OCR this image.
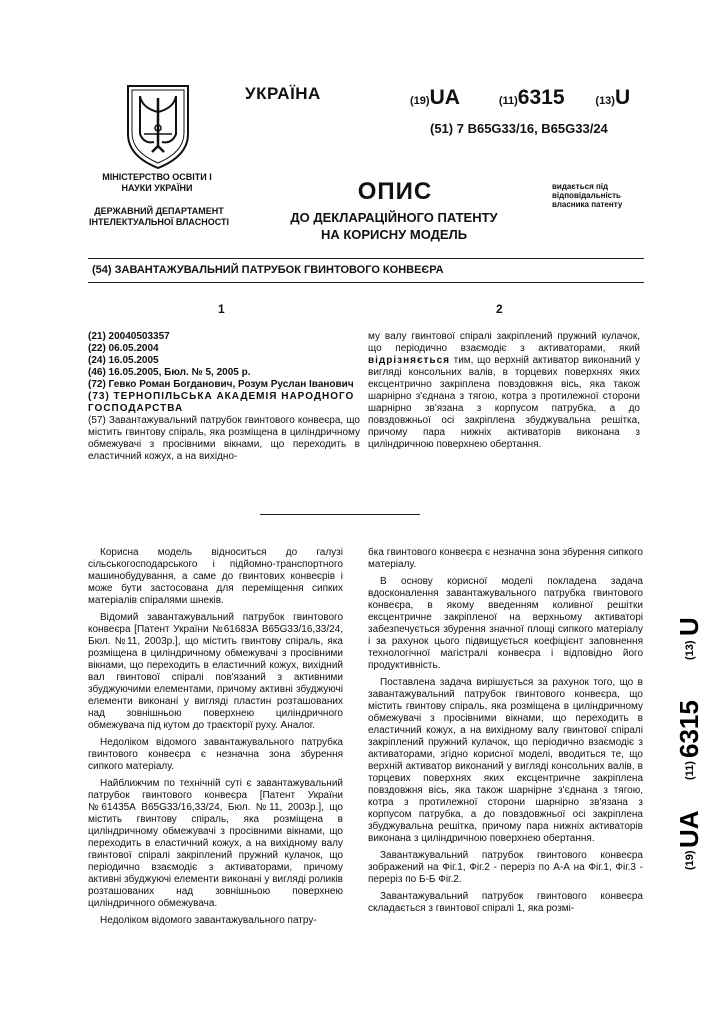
МІНІСТЕРСТВО ОСВІТИ І НАУКИ УКРАЇНИ
ДЕРЖАВНИЙ ДЕПАРТАМЕНТ ІНТЕЛЕКТУАЛЬНОЇ ВЛАСНОСТІ
УКРАЇНА	(19)UA	(11)6315	(13)U
(51) 7 B65G33/16, B65G33/24
ОПИС
ДО ДЕКЛАРАЦІЙНОГО ПАТЕНТУ
НА КОРИСНУ МОДЕЛЬ
видається під відповідальність власника патенту
(54) ЗАВАНТАЖУВАЛЬНИЙ ПАТРУБОК ГВИНТОВОГО КОНВЕЄРА
1	2
(21) 20040503357
(22) 06.05.2004
(24) 16.05.2005
(46) 16.05.2005, Бюл. № 5, 2005 р.
(72) Гевко Роман Богданович, Розум Руслан Іванович
(73) ТЕРНОПІЛЬСЬКА АКАДЕМІЯ НАРОДНОГО ГОСПОДАРСТВА
(57) Завантажувальний патрубок гвинтового конвеєра, що містить гвинтову спіраль, яка розміщена в циліндричному обмежувачі з просівними вікнами, що переходить в еластичний кожух, а на вихідно-
му валу гвинтової спіралі закріплений пружний кулачок, що періодично взаємодіє з активаторами, який відрізняється тим, що верхній активатор виконаний у вигляді консольних валів, в торцевих поверхнях яких ексцентрично закріплена повздовжня вісь, яка також шарнірно з'єднана з тягою, котра з протилежної сторони шарнірно зв'язана з корпусом патрубка, а до повздовжньої осі закріплена збуджувальна решітка, причому пара нижніх активаторів виконана з циліндричною поверхнею обертання.

Корисна модель відноситься до галузі сільськогосподарського і підйомно-транспортного машинобудування, а саме до гвинтових конвеєрів і може бути застосована для переміщення сипких матеріалів спіралями шнеків.

Відомий завантажувальний патрубок гвинтового конвеєра [Патент України №61683А B65G33/16,33/24, Бюл. №11, 2003р.], що містить гвинтову спіраль, яка розміщена в циліндричному обмежувачі з просівними вікнами, що переходить в еластичний кожух, вихідний вал гвинтової спіралі пов'язаний з активними збуджуючими елементами, причому активні збуджуючі елементи виконані у вигляді пластин розташованих над зовнішньою поверхнею циліндричного обмежувача під кутом до траєкторії руху. Аналог.

Недоліком відомого завантажувального патрубка гвинтового конвеєра є незначна зона збурення сипкого матеріалу.

Найближчим по технічній суті є завантажувальний патрубок гвинтового конвеєра [Патент України №61435А B65G33/16,33/24, Бюл. №11, 2003р.], що містить гвинтову спіраль, яка розміщена в циліндричному обмежувачі з просівними вікнами, що переходить в еластичний кожух, а на вихідному валу гвинтової спіралі закріплений пружний кулачок, що періодично взаємодіє з активаторами, причому активні збуджуючі елементи виконані у вигляді роликів розташованих над зовнішньою поверхнею циліндричного обмежувача.

Недоліком відомого завантажувального патру-

бка гвинтового конвеєра є незначна зона збурення сипкого матеріалу.

В основу корисної моделі покладена задача вдосконалення завантажувального патрубка гвинтового конвеєра, в якому введенням коливної решітки ексцентричне закріпленої на верхньому активаторі забезпечується збурення значної площі сипкого матеріалу і за рахунок цього підвищується коефіцієнт заповнення технологічної магістралі конвеєра і відповідно його продуктивність.

Поставлена задача вирішується за рахунок того, що в завантажувальний патрубок гвинтового конвеєра, що містить гвинтову спіраль, яка розміщена в циліндричному обмежувачі з просівними вікнами, що переходить в еластичний кожух, а на вихідному валу гвинтової спіралі закріплений пружний кулачок, що періодично взаємодіє з активаторами, згідно корисної моделі, вводиться те, що верхній активатор виконаний у вигляді консольних валів, в торцевих поверхнях яких ексцентричне закріплена повздовжня вісь, яка також шарнірне з'єднана з тягою, котра з протилежної сторони шарнірно зв'язана з корпусом патрубка, а до повздовжньої осі закріплена збуджувальна решітка, причому пара нижніх активаторів виконана з циліндричною поверхнею обертання.

Завантажувальний патрубок гвинтового конвеєра зображений на Фіг.1, Фіг.2 - переріз по А-А на Фіг.1, Фіг.3 - переріз по Б-Б Фіг.2.

Завантажувальний патрубок гвинтового конвеєра складається з гвинтової спіралі 1, яка розмі-

(19)
UA
(11)
6315
(13)
U
